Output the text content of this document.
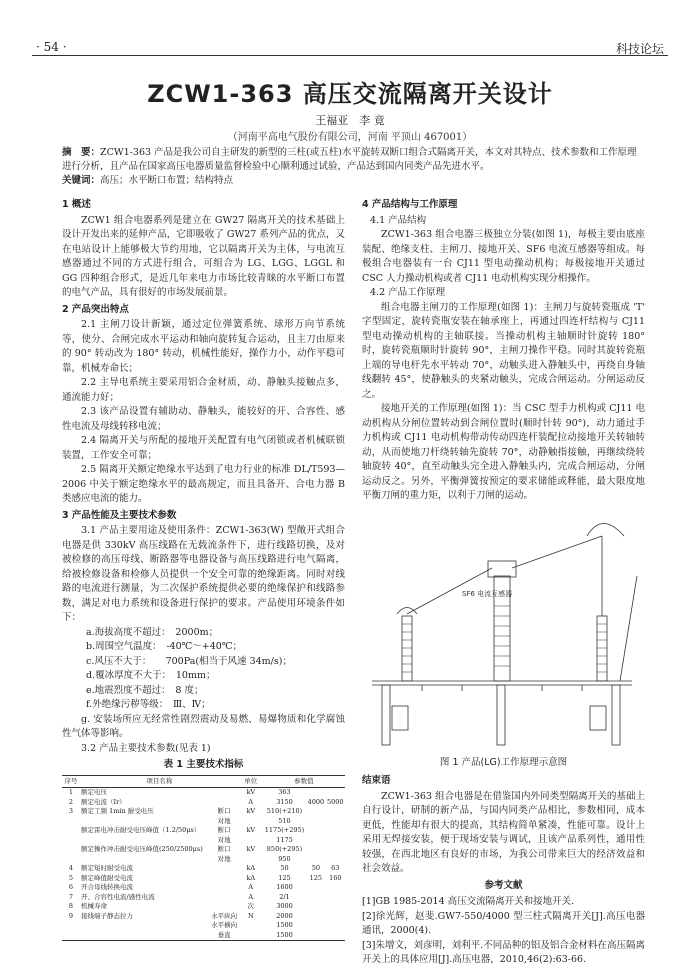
· 54 ·	科技论坛
ZCW1-363 高压交流隔离开关设计
王福亚　李 竟
（河南平高电气股份有限公司，河南 平顶山 467001）
摘　要：ZCW1-363 产品是我公司自主研发的新型的三柱(或五柱)水平旋转双断口组合式隔离开关，本文对其特点、技术参数和工作原理进行分析，且产品在国家高压电器质量监督检验中心顺利通过试验，产品达到国内同类产品先进水平。
关键词：高压；水平断口布置；结构特点
1 概述

ZCW1 组合电器系列是建立在 GW27 隔离开关的技术基础上设计开发出来的延伸产品，它即吸收了 GW27 系列产品的优点，又在电站设计上能够极大节约用地，它以隔离开关为主体，与电流互感器通过不同的方式进行组合，可组合为 LG、LGG、LGGL 和 GG 四种组合形式，是近几年来电力市场比较青睐的水平断口布置的电气产品，具有很好的市场发展前景。

2 产品突出特点

2.1 主闸刀设计新颖，通过定位弹簧系统、球形万向节系统等，使分、合闸完成水平运动和轴向旋转复合运动，且主刀由原来的 90° 转动改为 180° 转动，机械性能好，操作力小，动作平稳可靠，机械寿命长；

2.2 主导电系统主要采用铝合金材质，动、静触头接触点多，通流能力好；

2.3 该产品设置有辅助动、静触头，能较好的开、合容性、感性电流及母线转移电流；

2.4 隔离开关与所配的接地开关配置有电气闭锁或者机械联锁装置，工作安全可靠；

2.5 隔离开关额定绝缘水平达到了电力行业的标准 DL/T593—2006 中关于额定绝缘水平的最高规定，而且具备开、合电力器 B 类感应电流的能力。

3 产品性能及主要技术参数

3.1 产品主要用途及使用条件：ZCW1-363(W) 型敞开式组合电器是供 330kV 高压线路在无载流条件下，进行线路切换，及对被检修的高压母线、断路器等电器设备与高压线路进行电气隔离，给被检修设备和检修人员提供一个安全可靠的绝缘距离。同时对线路的电流进行测量，为二次保护系统提供必要的绝缘保护和线路参数，满足对电力系统和设备进行保护的要求。产品使用环境条件如下：

a.海拔高度不超过：　2000m；

b.周围空气温度：　-40℃～+40℃；

c.风压不大于：　　700Pa(相当于风速 34m/s)；

d.覆冰厚度不大于：　10mm；

e.地震烈度不超过：　8 度；

f.外绝缘污秽等级：　Ⅲ、Ⅳ；

g. 安装场所应无经常性剧烈震动及易燃、易爆物质和化学腐蚀性气体等影响。

3.2 产品主要技术参数(见表 1)

表 1 主要技术指标
序号	项目名称		单位	参数值		
1	额定电压		kV	363		
2	额定电流（Ir）		A	3150	4000	5000
3	额定工频 1min 耐受电压	断口	kV	510(+210)		
		对地		510		
	额定雷电冲击耐受电压峰值（1.2/50μs）	断口	kV	1175(+295)		
		对地		1175		
	额定操作冲击耐受电压峰值(250/2500μs)	断口	kV	850(+295)		
		对地		950		
4	额定短时耐受电流		kA	50	50	63
5	额定峰值耐受电流		kA	125	125	160
6	开合母线转换电流		A	1600		
7	开、合容性电流/感性电流		A	2/1		
8	机械寿命		次	3000		
9	接线端子静态拉力	水平纵向	N	2000		
		水平横向		1500		
		垂直		1500		
4 产品结构与工作原理
4.1 产品结构

ZCW1-363 组合电器三极独立分装(如图 1)，每极主要由底座装配、绝缘支柱、主闸刀、接地开关、SF6 电流互感器等组成。每极组合电器装有一台 CJ11 型电动操动机构；每极接地开关通过 CSC 人力操动机构或者 CJ11 电动机构实现分相操作。

4.2 产品工作原理

组合电器主闸刀的工作原理(如图 1)：主闸刀与旋转瓷瓶成 'T' 字型固定，旋转瓷瓶安装在轴承座上，再通过四连杆结构与 CJ11 型电动操动机构的主轴联接。当操动机构主轴顺时针旋转 180° 时，旋转瓷瓶顺时针旋转 90°，主闸刀操作平稳。同时其旋转瓷瓶上端的导电杆先水平转动 70°，动触头进入静触头中，再绕自身轴线翻转 45°，使静触头的夹紧动触头，完成合闸运动。分闸运动反之。

接地开关的工作原理(如图 1)：当 CSC 型手力机构或 CJ11 电动机构从分闸位置转动到合闸位置时(顺时针转 90°)，动力通过手力机构或 CJ11 电动机构带动传动四连杆装配拉动接地开关转轴转动，从而使地刀杆绕转轴先旋转 70°，动静触指接触，再继续绕转轴旋转 40°，直至动触头完全进入静触头内，完成合闸运动，分闸运动反之。另外，平衡弹簧按预定的要求储能或释能，最大限度地平衡刀闸的重力矩，以利于刀闸的运动。

SF6 电流互感器
图 1 产品(LG)工作原理示意图
结束语

ZCW1-363 组合电器是在借鉴国内外同类型隔离开关的基础上自行设计，研制的新产品，与国内同类产品相比，参数相同，成本更低，性能却有很大的提高，其结构简单紧凑，性能可靠。设计上采用无焊接安装，便于现场安装与调试，且该产品系列性，通用性较强，在西北地区有良好的市场，为我公司带来巨大的经济效益和社会效益。

参考文献

[1]GB 1985-2014 高压交流隔离开关和接地开关.

[2]徐光辉，赵斐.GW7-550/4000 型三柱式隔离开关[J].高压电器通讯，2000(4).

[3]朱增文，刘彦明，刘利平.不同品种的铝及铝合金材料在高压隔离开关上的具体应用[J].高压电器，2010,46(2):63-66.
